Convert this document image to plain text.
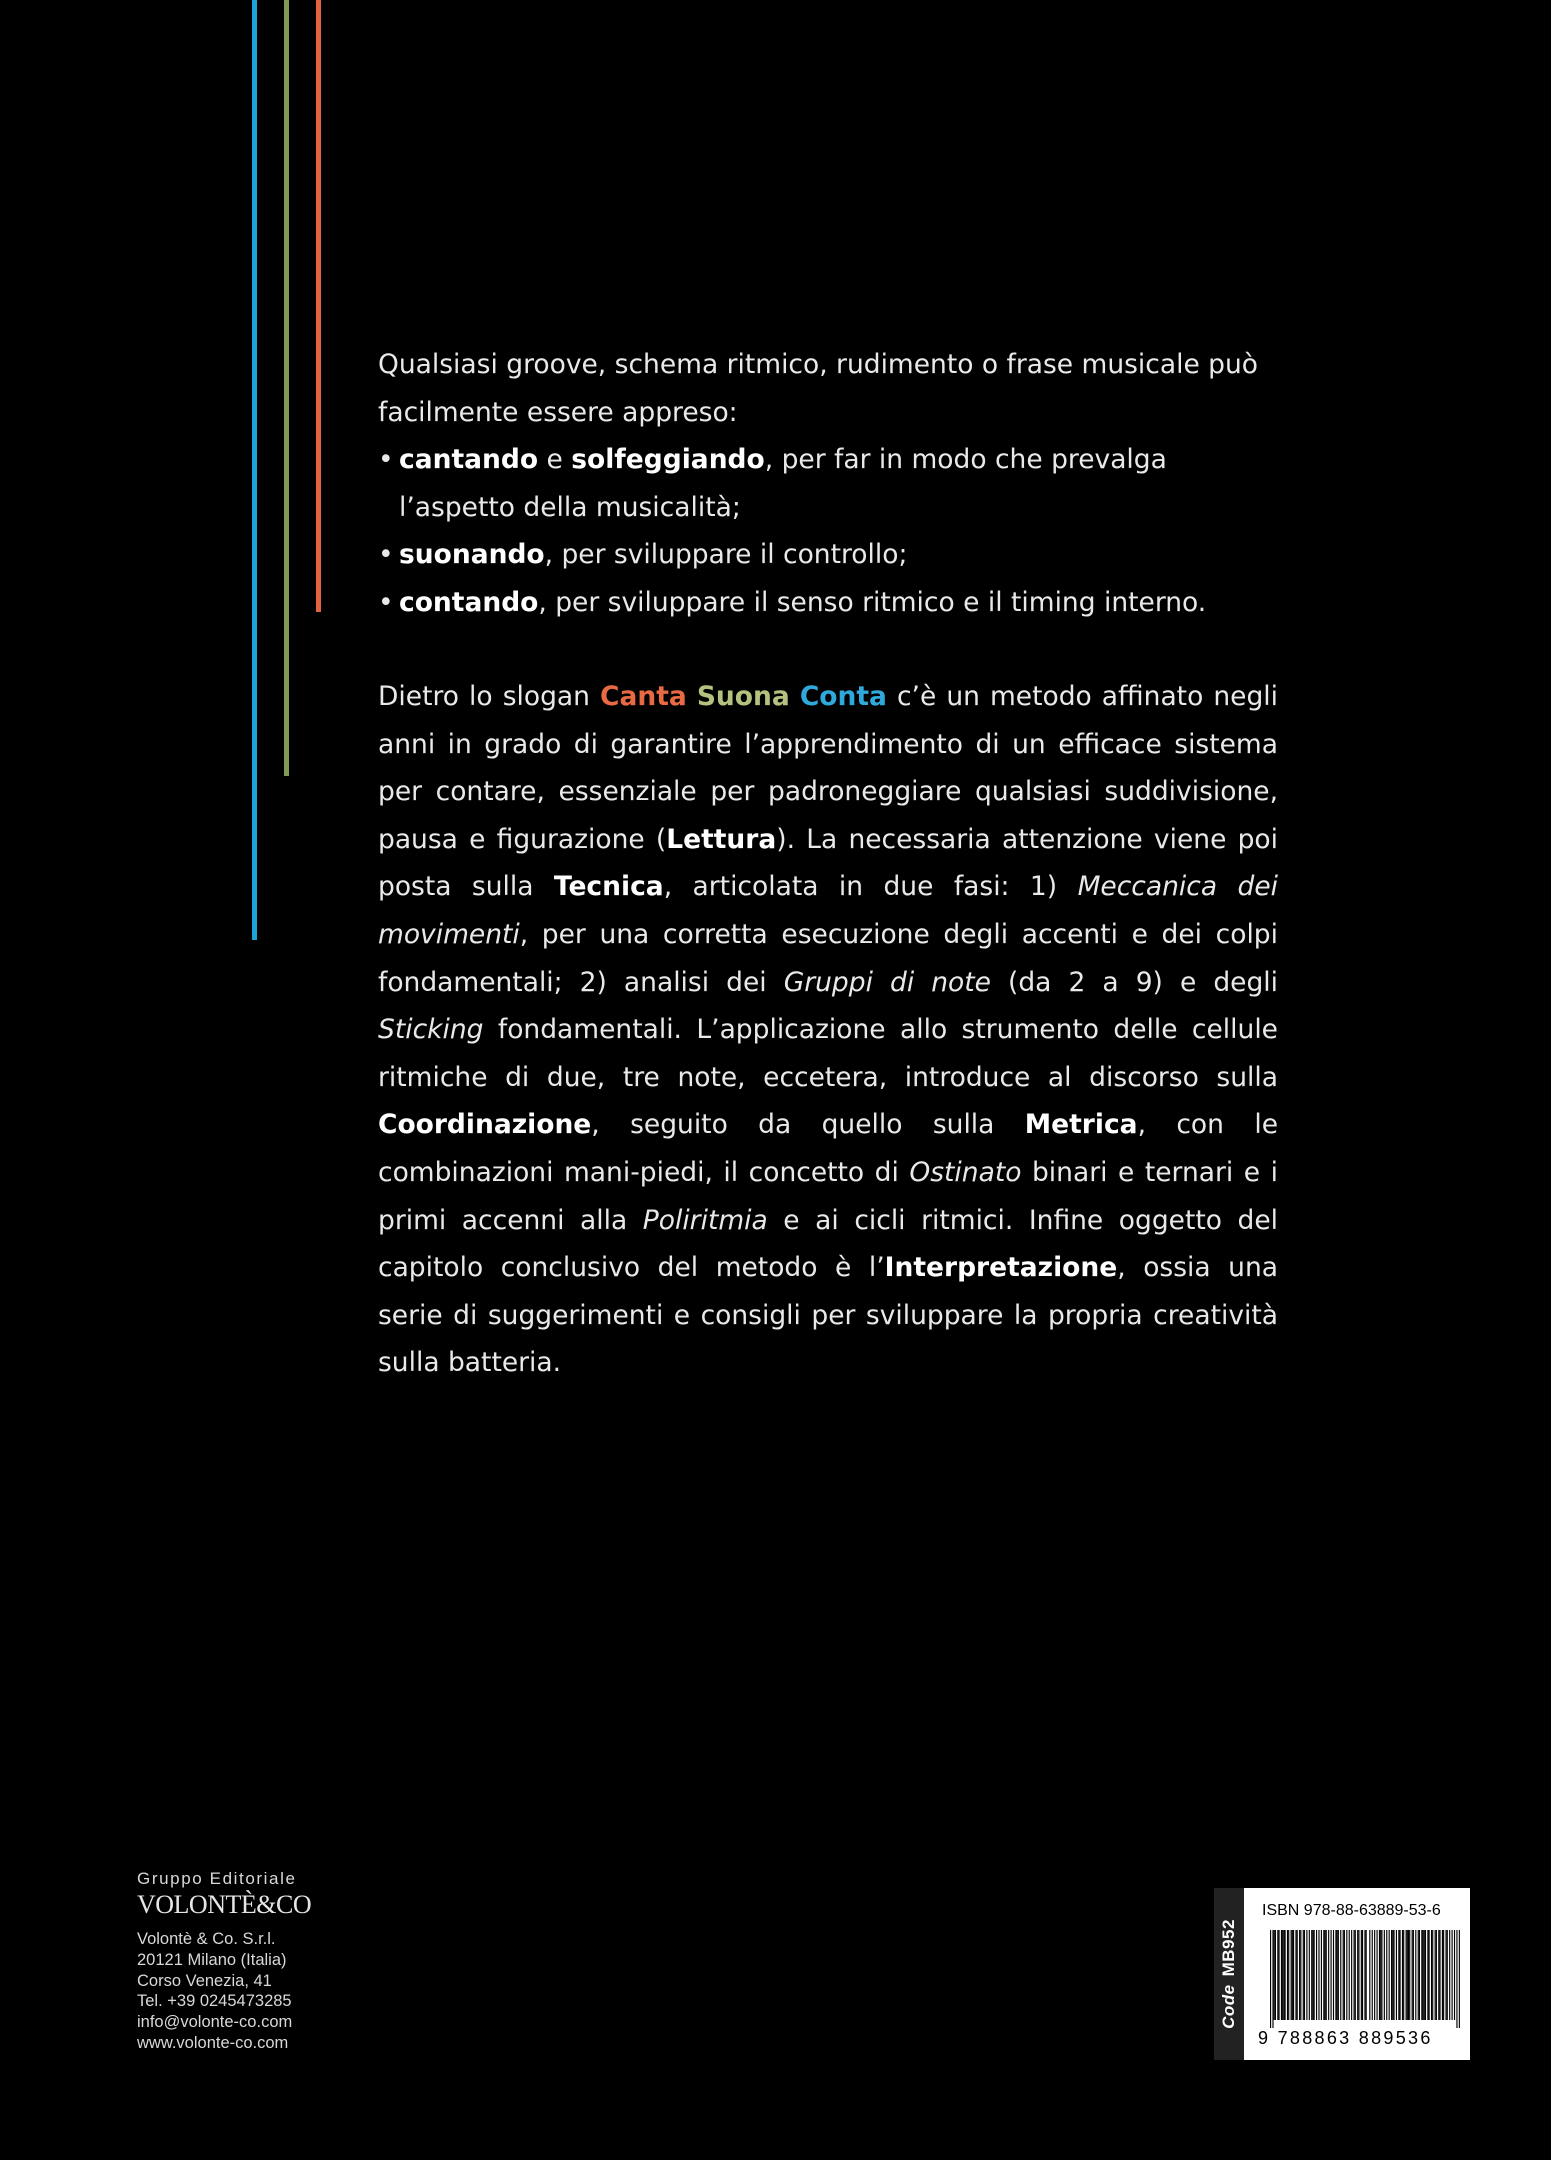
Qualsiasi groove, schema ritmico, rudimento o frase musicale può facilmente essere appreso:

• cantando e solfeggiando, per far in modo che prevalga l’aspetto della musicalità;
• suonando, per sviluppare il controllo;
• contando, per sviluppare il senso ritmico e il timing interno.

Dietro lo slogan Canta Suona Conta c’è un metodo affinato negli anni in grado di garantire l’apprendimento di un efficace sistema per contare, essenziale per padroneggiare qualsiasi suddivisione, pausa e figurazione (Lettura). La necessaria attenzione viene poi posta sulla Tecnica, articolata in due fasi: 1) Meccanica dei movimenti, per una corretta esecuzione degli accenti e dei colpi fondamentali; 2) analisi dei Gruppi di note (da 2 a 9) e degli Sticking fondamentali. L’applicazione allo strumento delle cellule ritmiche di due, tre note, eccetera, introduce al discorso sulla Coordinazione, seguito da quello sulla Metrica, con le combinazioni mani-piedi, il concetto di Ostinato binari e ternari e i primi accenni alla Poliritmia e ai cicli ritmici. Infine oggetto del capitolo conclusivo del metodo è l’Interpretazione, ossia una serie di suggerimenti e consigli per sviluppare la propria creatività sulla batteria.

Gruppo Editoriale
VOLONTÈ&CO
Volontè & Co. S.r.l.
20121 Milano (Italia)
Corso Venezia, 41
Tel. +39 0245473285
info@volonte-co.com
www.volonte-co.com
CodeMB952
ISBN 978-88-63889-53-6
9 788863 889536
